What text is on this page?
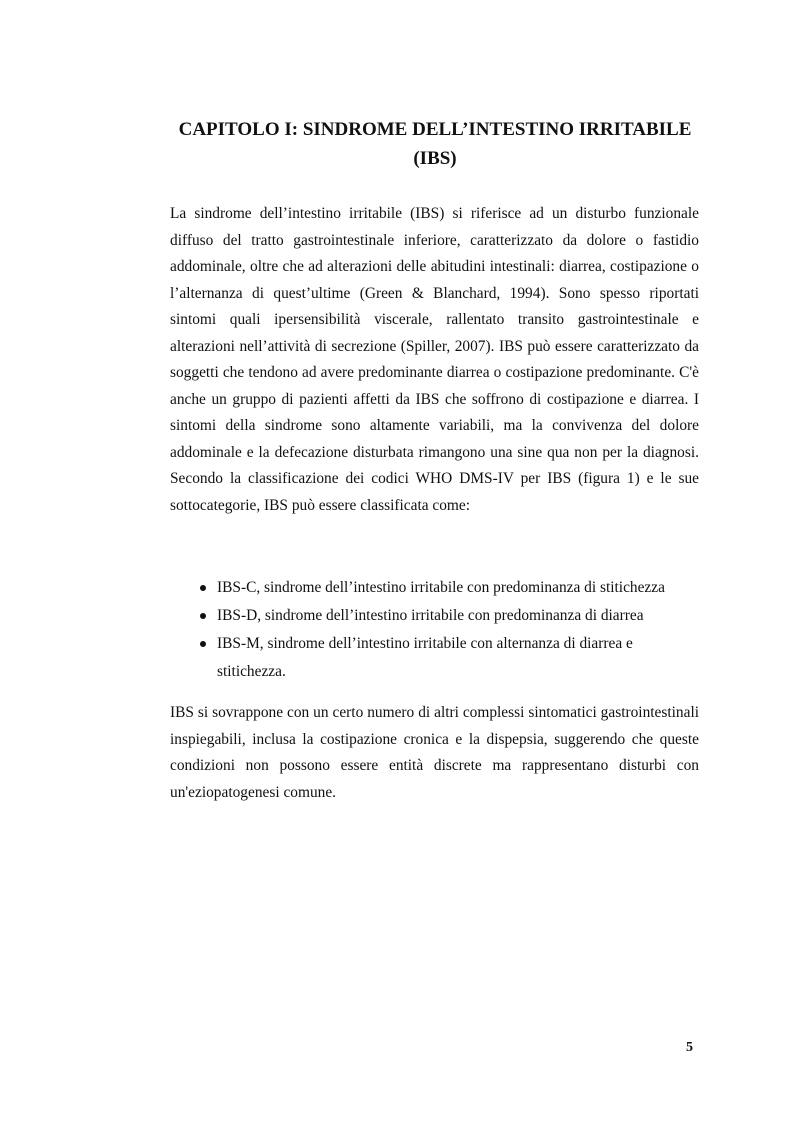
CAPITOLO I: SINDROME DELL’INTESTINO IRRITABILE (IBS)

La sindrome dell’intestino irritabile (IBS) si riferisce ad un disturbo funzionale diffuso del tratto gastrointestinale inferiore, caratterizzato da dolore o fastidio addominale, oltre che ad alterazioni delle abitudini intestinali: diarrea, costipazione o l’alternanza di quest’ultime (Green & Blanchard, 1994). Sono spesso riportati sintomi quali ipersensibilità viscerale, rallentato transito gastrointestinale e alterazioni nell’attività di secrezione (Spiller, 2007). IBS può essere caratterizzato da soggetti che tendono ad avere predominante diarrea o costipazione predominante. C'è anche un gruppo di pazienti affetti da IBS che soffrono di costipazione e diarrea. I sintomi della sindrome sono altamente variabili, ma la convivenza del dolore addominale e la defecazione disturbata rimangono una sine qua non per la diagnosi. Secondo la classificazione dei codici WHO DMS-IV per IBS (figura 1) e le sue sottocategorie, IBS può essere classificata come:

IBS-C, sindrome dell’intestino irritabile con predominanza di stitichezza
IBS-D, sindrome dell’intestino irritabile con predominanza di diarrea
IBS-M, sindrome dell’intestino irritabile con alternanza di diarrea e stitichezza.

IBS si sovrappone con un certo numero di altri complessi sintomatici gastrointestinali inspiegabili, inclusa la costipazione cronica e la dispepsia, suggerendo che queste condizioni non possono essere entità discrete ma rappresentano disturbi con un'eziopatogenesi comune.

5
